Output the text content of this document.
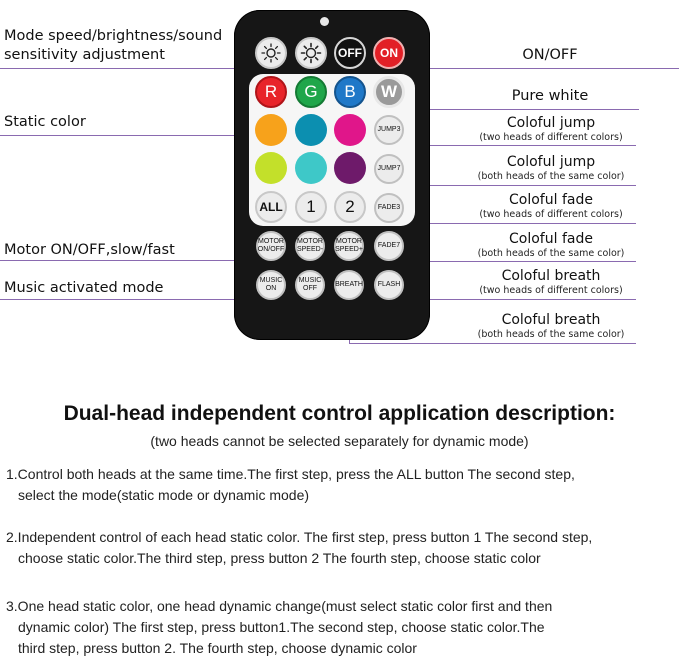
Mode speed/brightness/sound
sensitivity adjustment
Static color
Motor ON/OFF,slow/fast
Music activated mode
ON/OFF
Pure white
Coloful jump
(two heads of different colors)
Coloful jump
(both heads of the same color)
Coloful fade
(two heads of different colors)
Coloful fade
(both heads of the same color)
Coloful breath
(two heads of different colors)
Coloful breath
(both heads of the same color)
OFF	ON
R	G	B	W
JUMP3
JUMP7
ALL	1	2	FADE3
MOTOR
ON/OFF
MOTOR
SPEED-
MOTOR
SPEED+
FADE7
MUSIC
ON
MUSIC
OFF
BREATH	FLASH
Dual-head independent control application description:
(two heads cannot be selected separately for dynamic mode)
1.Control both heads at the same time.The first step, press the ALL button The second step,
select the mode(static mode or dynamic mode)
2.Independent control of each head static color. The first step, press button 1 The second step,
choose static color.The third step, press button 2 The fourth step, choose static color
3.One head static color, one head dynamic change(must select static color first and then
dynamic color) The first step, press button1.The second step, choose static color.The
third step, press button 2. The fourth step, choose dynamic color
